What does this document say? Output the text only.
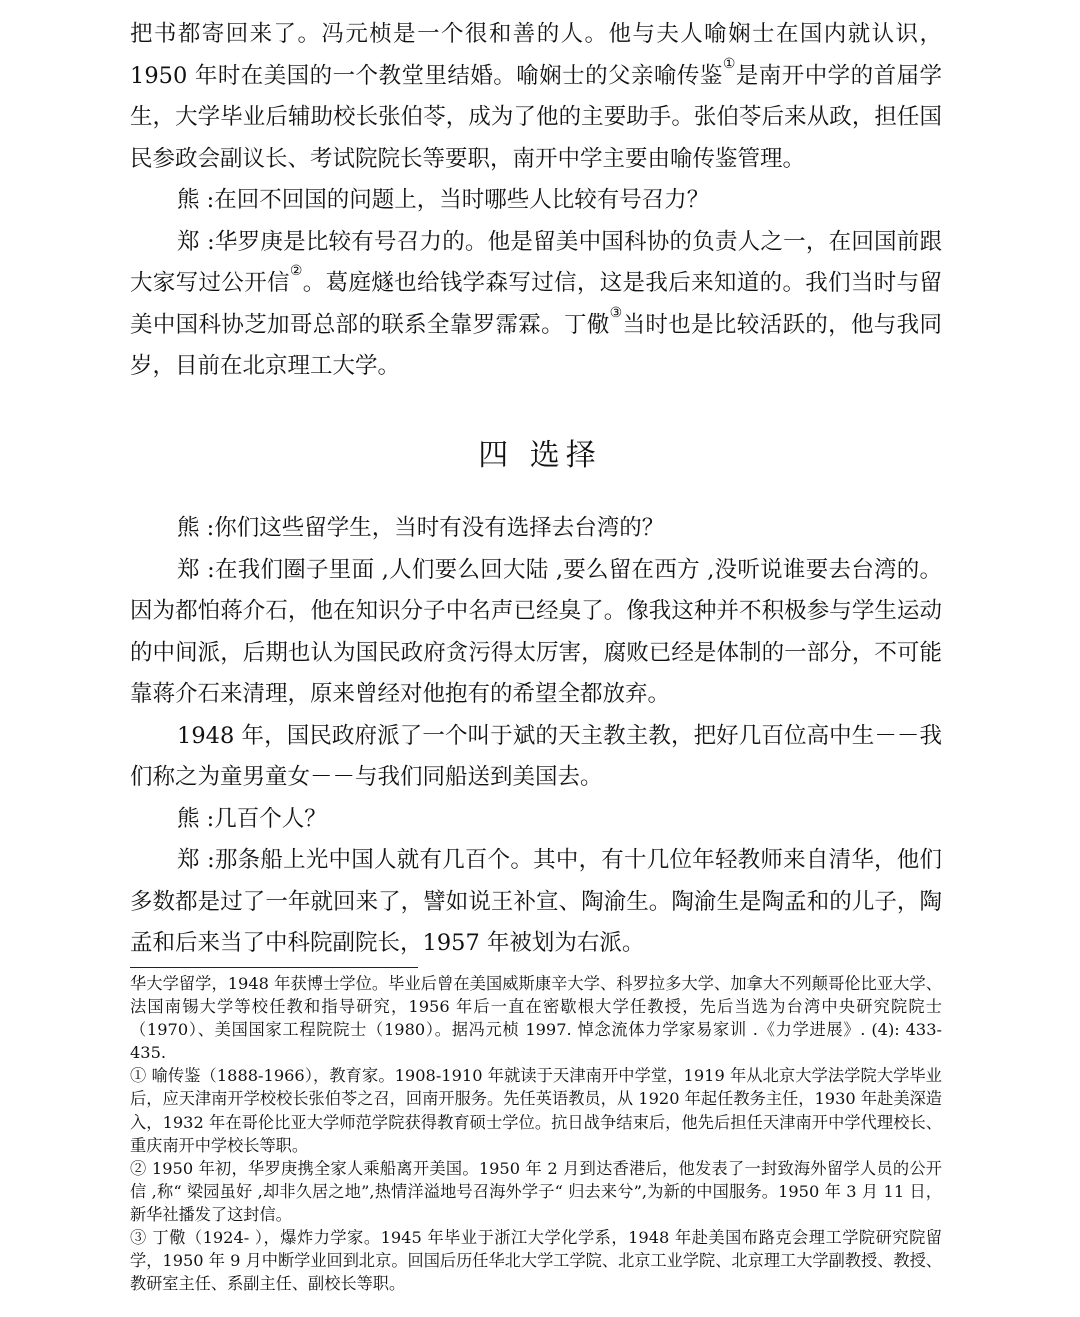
把书都寄回来了。冯元桢是一个很和善的人。他与夫人喻娴士在国内就认识，1950 年时在美国的一个教堂里结婚。喻娴士的父亲喻传鉴①是南开中学的首届学生，大学毕业后辅助校长张伯苓，成为了他的主要助手。张伯苓后来从政，担任国民参政会副议长、考试院院长等要职，南开中学主要由喻传鉴管理。

熊 :在回不回国的问题上，当时哪些人比较有号召力？

郑 :华罗庚是比较有号召力的。他是留美中国科协的负责人之一，在回国前跟大家写过公开信②。葛庭燧也给钱学森写过信，这是我后来知道的。我们当时与留美中国科协芝加哥总部的联系全靠罗霈霖。丁儆③当时也是比较活跃的，他与我同岁，目前在北京理工大学。

四 选择

熊 :你们这些留学生，当时有没有选择去台湾的？

郑 :在我们圈子里面 ,人们要么回大陆 ,要么留在西方 ,没听说谁要去台湾的。因为都怕蒋介石，他在知识分子中名声已经臭了。像我这种并不积极参与学生运动的中间派，后期也认为国民政府贪污得太厉害，腐败已经是体制的一部分，不可能靠蒋介石来清理，原来曾经对他抱有的希望全都放弃。

1948 年，国民政府派了一个叫于斌的天主教主教，把好几百位高中生－－我们称之为童男童女－－与我们同船送到美国去。

熊 :几百个人？

郑 :那条船上光中国人就有几百个。其中，有十几位年轻教师来自清华，他们多数都是过了一年就回来了，譬如说王补宣、陶渝生。陶渝生是陶孟和的儿子，陶孟和后来当了中科院副院长，1957 年被划为右派。

华大学留学，1948 年获博士学位。毕业后曾在美国威斯康辛大学、科罗拉多大学、加拿大不列颠哥伦比亚大学、法国南锡大学等校任教和指导研究，1956 年后一直在密歇根大学任教授，先后当选为台湾中央研究院院士（1970）、美国国家工程院院士（1980）。据冯元桢 1997. 悼念流体力学家易家训 .《力学进展》. (4): 433-435.

① 喻传鉴（1888-1966），教育家。1908-1910 年就读于天津南开中学堂，1919 年从北京大学法学院大学毕业后，应天津南开学校校长张伯苓之召，回南开服务。先任英语教员，从 1920 年起任教务主任，1930 年赴美深造入，1932 年在哥伦比亚大学师范学院获得教育硕士学位。抗日战争结束后，他先后担任天津南开中学代理校长、重庆南开中学校长等职。

② 1950 年初，华罗庚携全家人乘船离开美国。1950 年 2 月到达香港后，他发表了一封致海外留学人员的公开信 ,称“ 梁园虽好 ,却非久居之地”,热情洋溢地号召海外学子“ 归去来兮”,为新的中国服务。1950 年 3 月 11 日，新华社播发了这封信。

③ 丁儆（1924- ），爆炸力学家。1945 年毕业于浙江大学化学系，1948 年赴美国布路克会理工学院研究院留学，1950 年 9 月中断学业回到北京。回国后历任华北大学工学院、北京工业学院、北京理工大学副教授、教授、教研室主任、系副主任、副校长等职。
